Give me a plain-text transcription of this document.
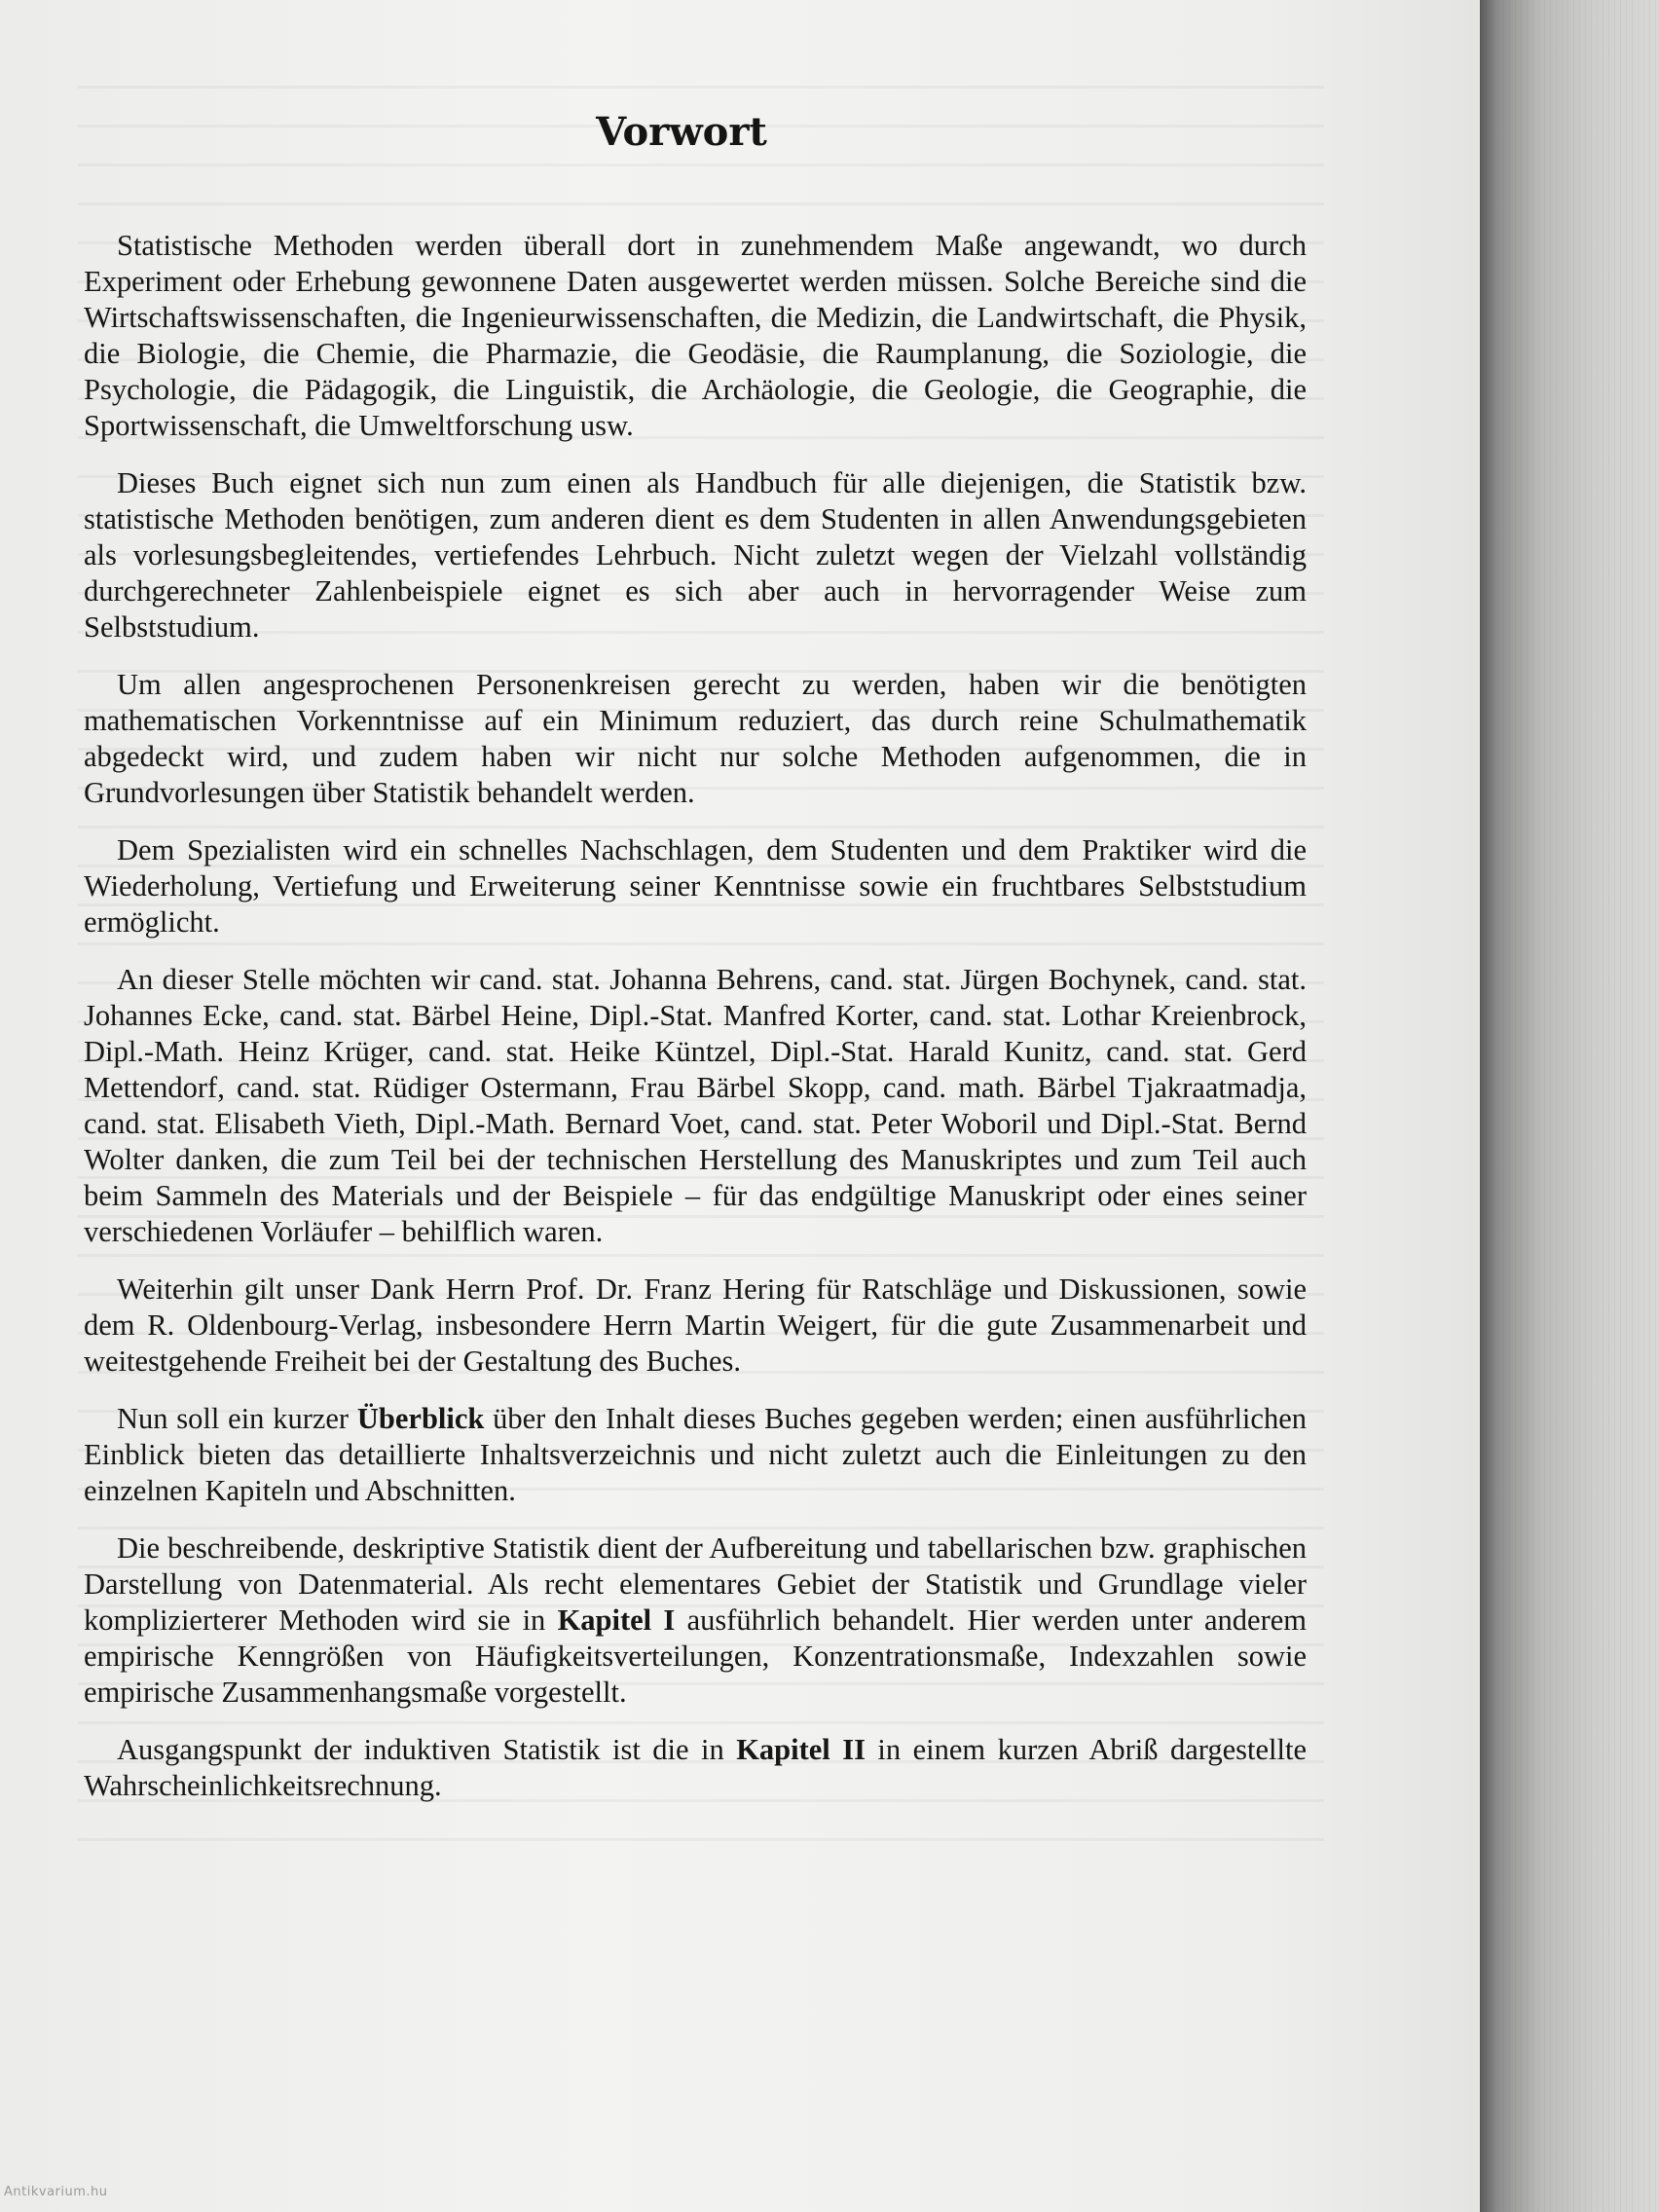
Vorwort

Statistische Methoden werden überall dort in zunehmendem Maße angewandt, wo durch Experiment oder Erhebung gewonnene Daten ausgewertet werden müssen. Solche Bereiche sind die Wirtschaftswissenschaften, die Ingenieurwissenschaften, die Medizin, die Landwirtschaft, die Physik, die Biologie, die Chemie, die Pharmazie, die Geodäsie, die Raumplanung, die Soziologie, die Psychologie, die Pädagogik, die Linguistik, die Archäologie, die Geologie, die Geographie, die Sportwissenschaft, die Umweltforschung usw.

Dieses Buch eignet sich nun zum einen als Handbuch für alle diejenigen, die Statistik bzw. statistische Methoden benötigen, zum anderen dient es dem Studenten in allen Anwendungsgebieten als vorlesungsbegleitendes, vertiefendes Lehrbuch. Nicht zuletzt wegen der Vielzahl vollständig durchgerechneter Zahlenbeispiele eignet es sich aber auch in hervorragender Weise zum Selbststudium.

Um allen angesprochenen Personenkreisen gerecht zu werden, haben wir die benötigten mathematischen Vorkenntnisse auf ein Minimum reduziert, das durch reine Schulmathematik abgedeckt wird, und zudem haben wir nicht nur solche Methoden aufgenommen, die in Grundvorlesungen über Statistik behandelt werden.

Dem Spezialisten wird ein schnelles Nachschlagen, dem Studenten und dem Praktiker wird die Wiederholung, Vertiefung und Erweiterung seiner Kenntnisse sowie ein fruchtbares Selbststudium ermöglicht.

An dieser Stelle möchten wir cand. stat. Johanna Behrens, cand. stat. Jürgen Bochynek, cand. stat. Johannes Ecke, cand. stat. Bärbel Heine, Dipl.-Stat. Manfred Korter, cand. stat. Lothar Kreienbrock, Dipl.-Math. Heinz Krüger, cand. stat. Heike Küntzel, Dipl.-Stat. Harald Kunitz, cand. stat. Gerd Mettendorf, cand. stat. Rüdiger Ostermann, Frau Bärbel Skopp, cand. math. Bärbel Tjakraatmadja, cand. stat. Elisabeth Vieth, Dipl.-Math. Bernard Voet, cand. stat. Peter Woboril und Dipl.-Stat. Bernd Wolter danken, die zum Teil bei der technischen Herstellung des Manuskriptes und zum Teil auch beim Sammeln des Materials und der Beispiele – für das endgültige Manuskript oder eines seiner verschiedenen Vorläufer – behilflich waren.

Weiterhin gilt unser Dank Herrn Prof. Dr. Franz Hering für Ratschläge und Diskussionen, sowie dem R. Oldenbourg-Verlag, insbesondere Herrn Martin Weigert, für die gute Zusammenarbeit und weitestgehende Freiheit bei der Gestaltung des Buches.

Nun soll ein kurzer Überblick über den Inhalt dieses Buches gegeben werden; einen ausführlichen Einblick bieten das detaillierte Inhaltsverzeichnis und nicht zuletzt auch die Einleitungen zu den einzelnen Kapiteln und Abschnitten.

Die beschreibende, deskriptive Statistik dient der Aufbereitung und tabellarischen bzw. graphischen Darstellung von Datenmaterial. Als recht elementares Gebiet der Statistik und Grundlage vieler komplizierterer Methoden wird sie in Kapitel I ausführlich behandelt. Hier werden unter anderem empirische Kenngrößen von Häufigkeitsverteilungen, Konzentrationsmaße, Indexzahlen sowie empirische Zusammenhangsmaße vorgestellt.

Ausgangspunkt der induktiven Statistik ist die in Kapitel II in einem kurzen Abriß dargestellte Wahrscheinlichkeitsrechnung.

Antikvarium.hu
